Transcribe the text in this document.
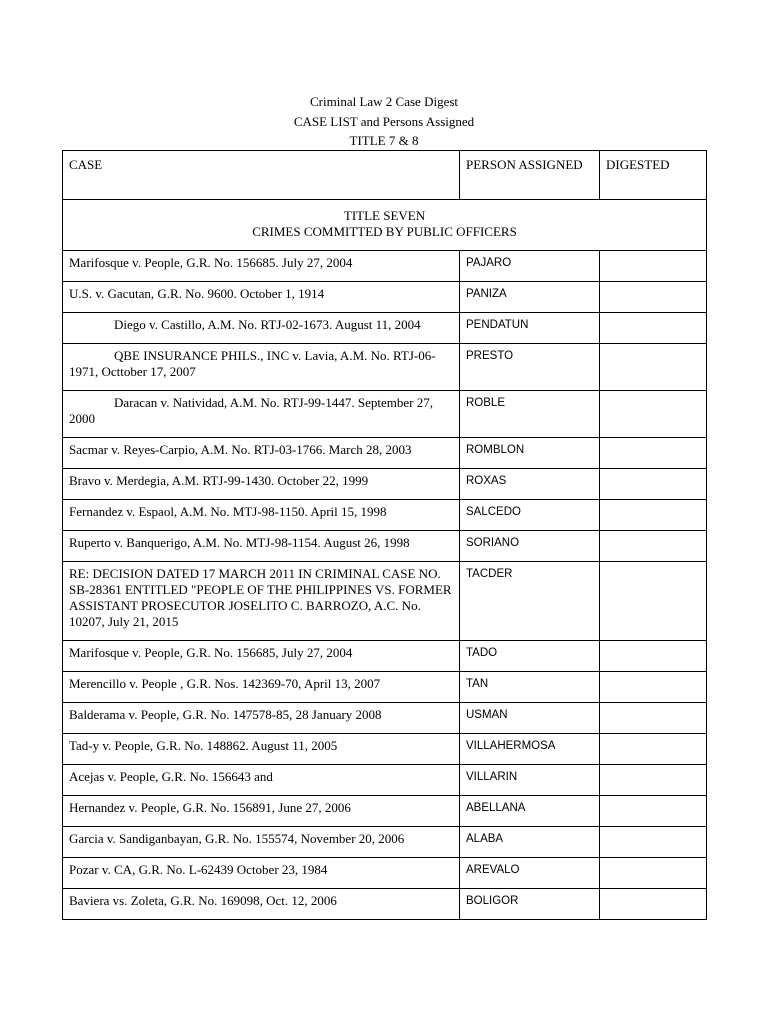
Criminal Law 2 Case Digest
CASE LIST and Persons Assigned
TITLE 7 & 8
CASE	PERSON ASSIGNED	DIGESTED

TITLE SEVEN
CRIMES COMMITTED BY PUBLIC OFFICERS		

Marifosque v. People, G.R. No. 156685. July 27, 2004	PAJARO	
U.S. v. Gacutan, G.R. No. 9600. October 1, 1914	PANIZA	
Diego v. Castillo, A.M. No. RTJ-02-1673. August 11, 2004	PENDATUN	
QBE INSURANCE PHILS., INC v. Lavia, A.M. No. RTJ-06-1971, Octtober 17, 2007	PRESTO	
Daracan v. Natividad, A.M. No. RTJ-99-1447. September 27, 2000	ROBLE	
Sacmar v. Reyes-Carpio, A.M. No. RTJ-03-1766. March 28, 2003	ROMBLON	
Bravo v. Merdegia, A.M. RTJ-99-1430. October 22, 1999	ROXAS	
Fernandez v. Espaol, A.M. No. MTJ-98-1150. April 15, 1998	SALCEDO	
Ruperto v. Banquerigo, A.M. No. MTJ-98-1154. August 26, 1998	SORIANO	
RE: DECISION DATED 17 MARCH 2011 IN CRIMINAL CASE NO. SB-28361 ENTITLED "PEOPLE OF THE PHILIPPINES VS. FORMER ASSISTANT PROSECUTOR JOSELITO C. BARROZO, A.C. No. 10207, July 21, 2015	TACDER	
Marifosque v. People, G.R. No. 156685, July 27, 2004	TADO	
Merencillo v. People , G.R. Nos. 142369-70, April 13, 2007	TAN	
Balderama v. People, G.R. No. 147578-85, 28 January 2008	USMAN	
Tad-y v. People, G.R. No. 148862. August 11, 2005	VILLAHERMOSA	
Acejas v. People, G.R. No. 156643 and	VILLARIN	
Hernandez v. People, G.R. No. 156891, June 27, 2006	ABELLANA	
Garcia v. Sandiganbayan, G.R. No. 155574, November 20, 2006	ALABA	
Pozar v. CA, G.R. No. L-62439 October 23, 1984	AREVALO	
Baviera vs. Zoleta, G.R. No. 169098, Oct. 12, 2006	BOLIGOR	
